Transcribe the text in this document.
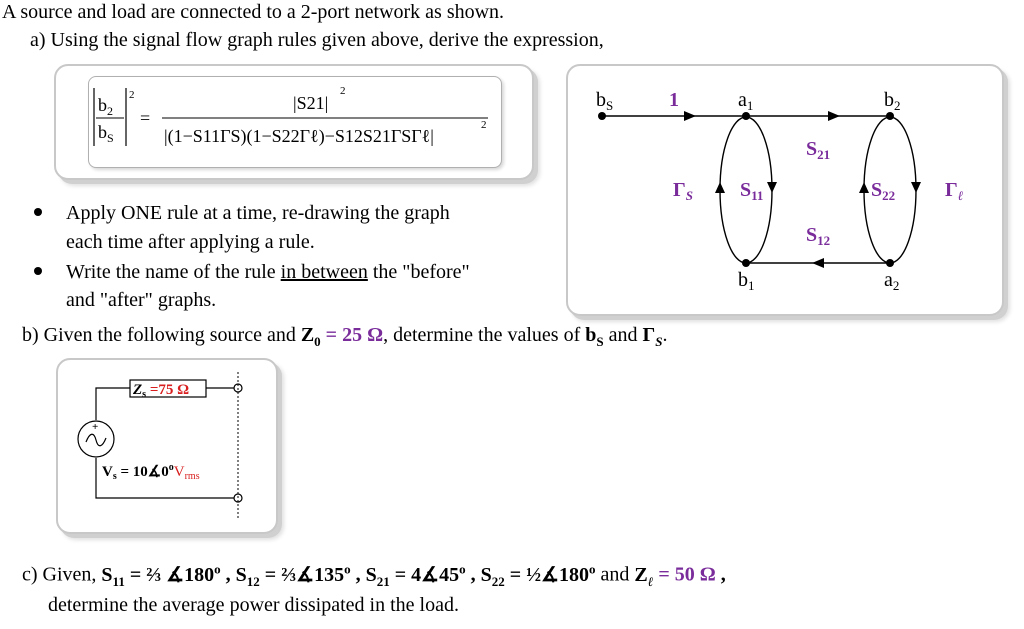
A source and load are connected to a 2-port network as shown.
a) Using the signal flow graph rules given above, derive the expression,
$b_2$
$b_S$
2
=
|S21|
2
|(1−S11ΓS)(1−S22Γℓ)−S12S21ΓSΓℓ|
2
Apply ONE rule at a time, re-drawing the graph
each time after applying a rule.
Write the name of the rule in between the "before"
and "after" graphs.
$b_S$	1	$a_1$	$b_2$
$S_{21}$
$\Gamma_S$ $S_{11}$	$S_{22}$ $\Gamma_\ell$
$S_{12}$
$b_1$	$a_2$
b) Given the following source and $Z_0 = 25$ Ω, determine the values of $b_S$ and $\Gamma_S$.
+
$Z_s =75$ Ω
$V_s$ = $10∡0^oV_{rms}$
c) Given, $S_{11}$ = ⅔ ∡180$^o$ , $S_{12}$ = $\frac{2}{3}∡135^o$ , $S_{21}$ = $4∡45^o$ , $S_{22}$ = $\frac{1}{2}∡180^o$ and $Z_\ell = 50$ Ω ,
determine the average power dissipated in the load.
